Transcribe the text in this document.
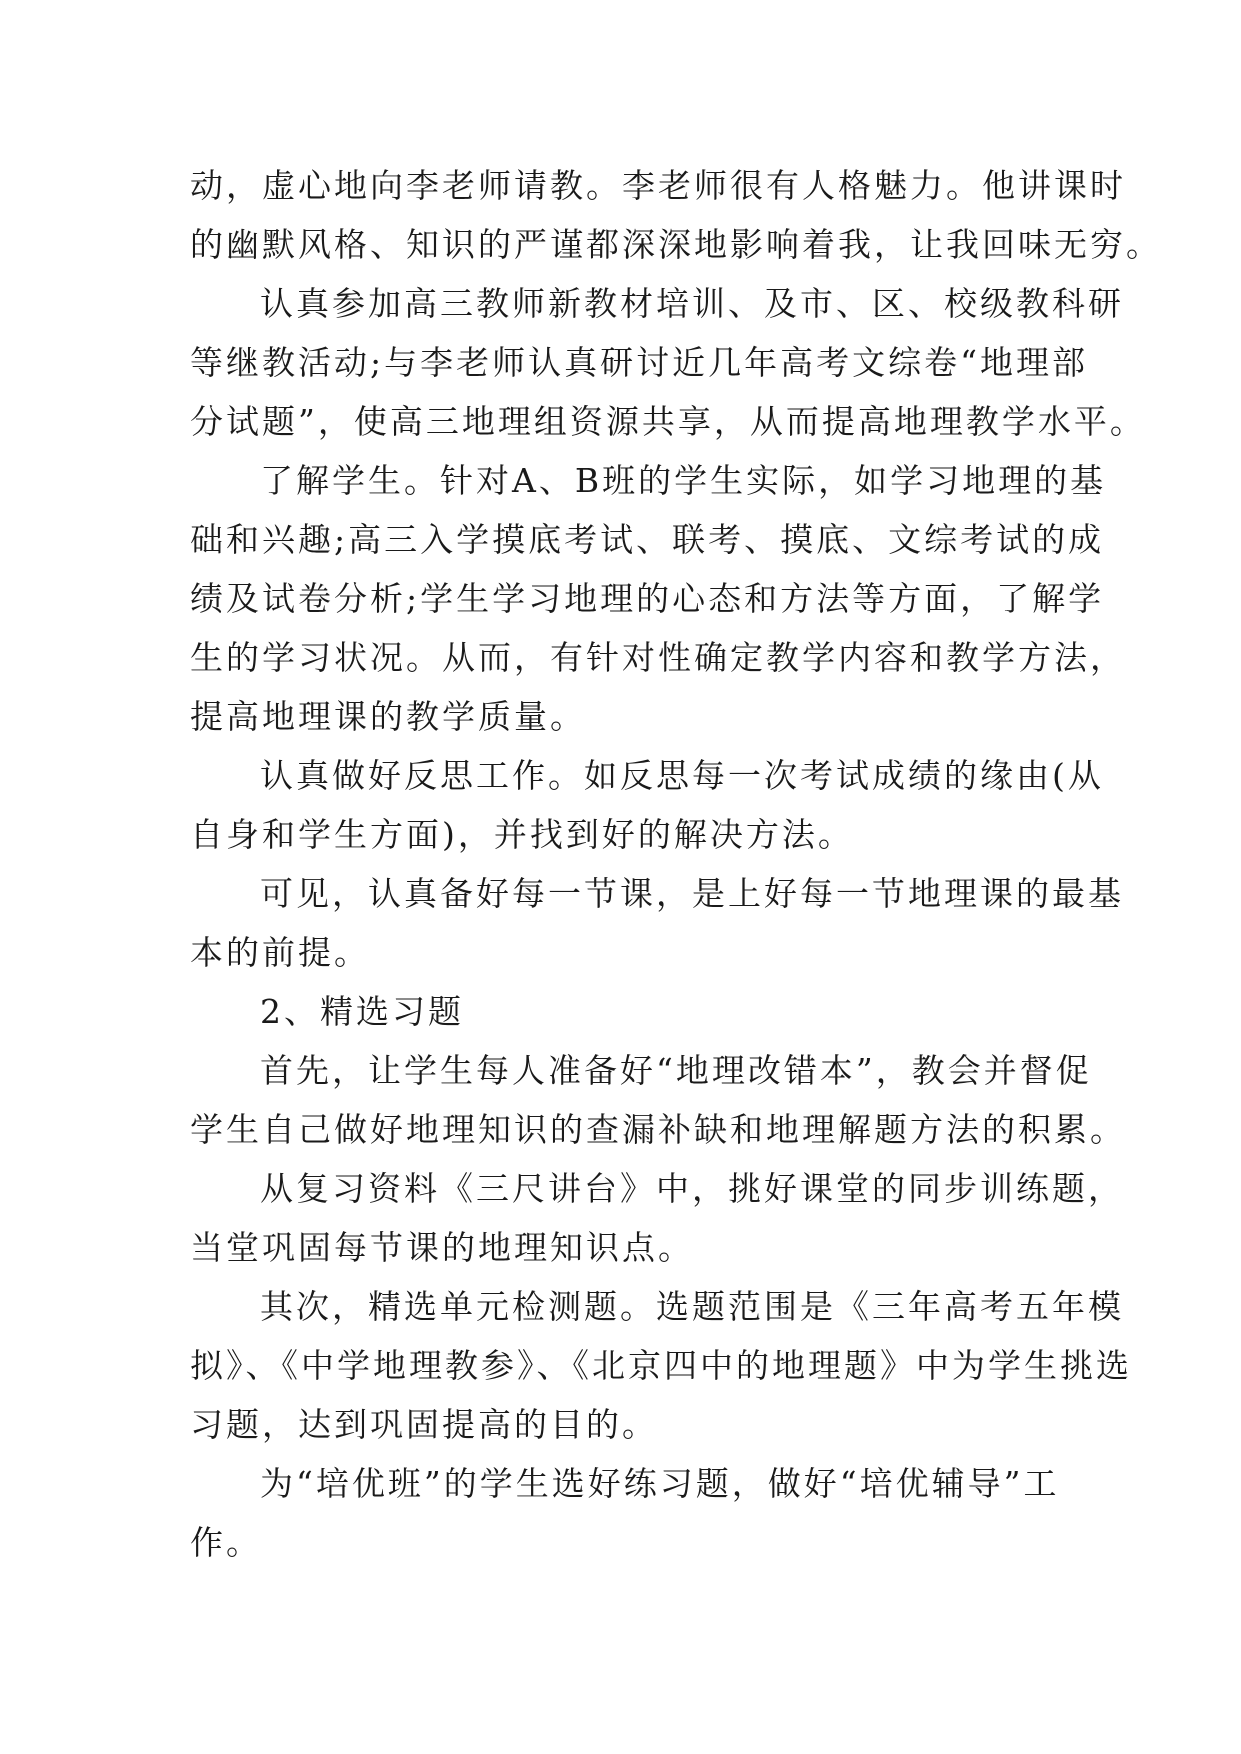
动，虚心地向李老师请教。李老师很有人格魅力。他讲课时
的幽默风格、知识的严谨都深深地影响着我，让我回味无穷。
认真参加高三教师新教材培训、及市、区、校级教科研
等继教活动;与李老师认真研讨近几年高考文综卷“地理部
分试题”，使高三地理组资源共享，从而提高地理教学水平。
了解学生。针对A、B班的学生实际，如学习地理的基
础和兴趣;高三入学摸底考试、联考、摸底、文综考试的成
绩及试卷分析;学生学习地理的心态和方法等方面，了解学
生的学习状况。从而，有针对性确定教学内容和教学方法，
提高地理课的教学质量。
认真做好反思工作。如反思每一次考试成绩的缘由(从
自身和学生方面)，并找到好的解决方法。
可见，认真备好每一节课，是上好每一节地理课的最基
本的前提。
2、精选习题
首先，让学生每人准备好“地理改错本”，教会并督促
学生自己做好地理知识的查漏补缺和地理解题方法的积累。
从复习资料《三尺讲台》中，挑好课堂的同步训练题，
当堂巩固每节课的地理知识点。
其次，精选单元检测题。选题范围是《三年高考五年模
拟》、《中学地理教参》、《北京四中的地理题》中为学生挑选
习题，达到巩固提高的目的。
为“培优班”的学生选好练习题，做好“培优辅导”工
作。
